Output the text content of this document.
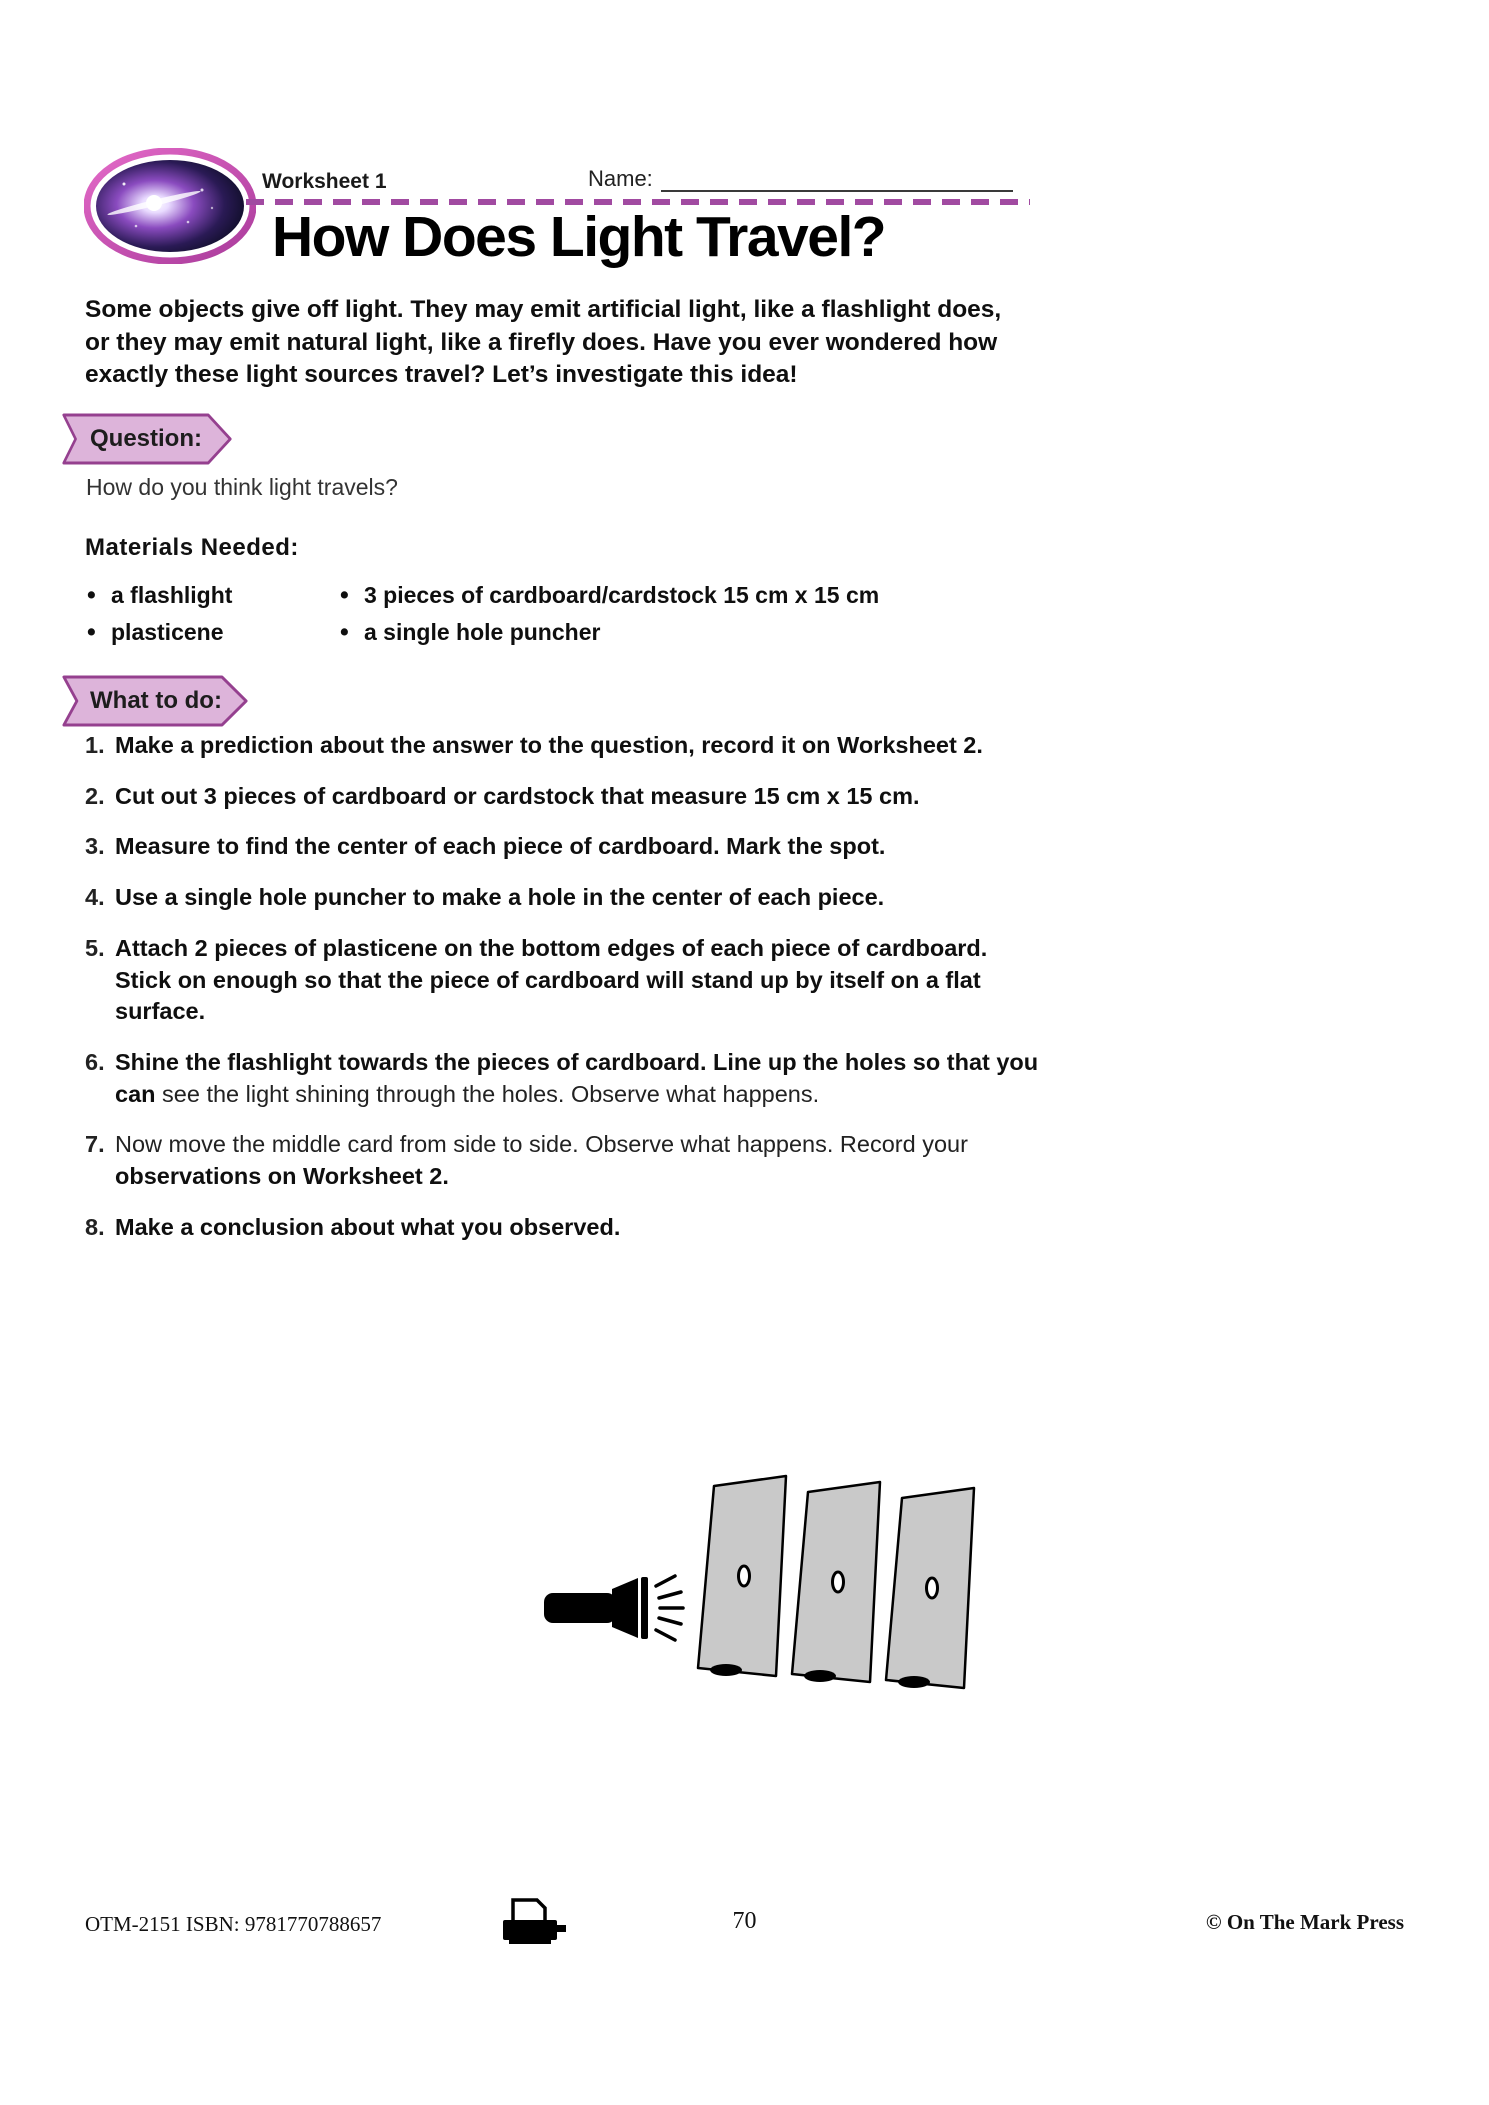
Worksheet 1	Name:
How Does Light Travel?

Some objects give off light. They may emit artificial light, like a flashlight does, or they may emit natural light, like a firefly does. Have you ever wondered how exactly these light sources travel? Let’s investigate this idea!

Question:

How do you think light travels?

Materials Needed:
• a flashlight
• plasticene
• 3 pieces of cardboard/cardstock 15 cm x 15 cm
• a single hole puncher
What to do:
1. Make a prediction about the answer to the question, record it on Worksheet 2.
2. Cut out 3 pieces of cardboard or cardstock that measure 15 cm x 15 cm.
3. Measure to find the center of each piece of cardboard. Mark the spot.
4. Use a single hole puncher to make a hole in the center of each piece.
5. Attach 2 pieces of plasticene on the bottom edges of each piece of cardboard. Stick on enough so that the piece of cardboard will stand up by itself on a flat surface.
6. Shine the flashlight towards the pieces of cardboard. Line up the holes so that you can see the light shining through the holes. Observe what happens.
7. Now move the middle card from side to side. Observe what happens. Record your observations on Worksheet 2.
8. Make a conclusion about what you observed.
OTM-2151 ISBN: 9781770788657	70	© On The Mark Press
